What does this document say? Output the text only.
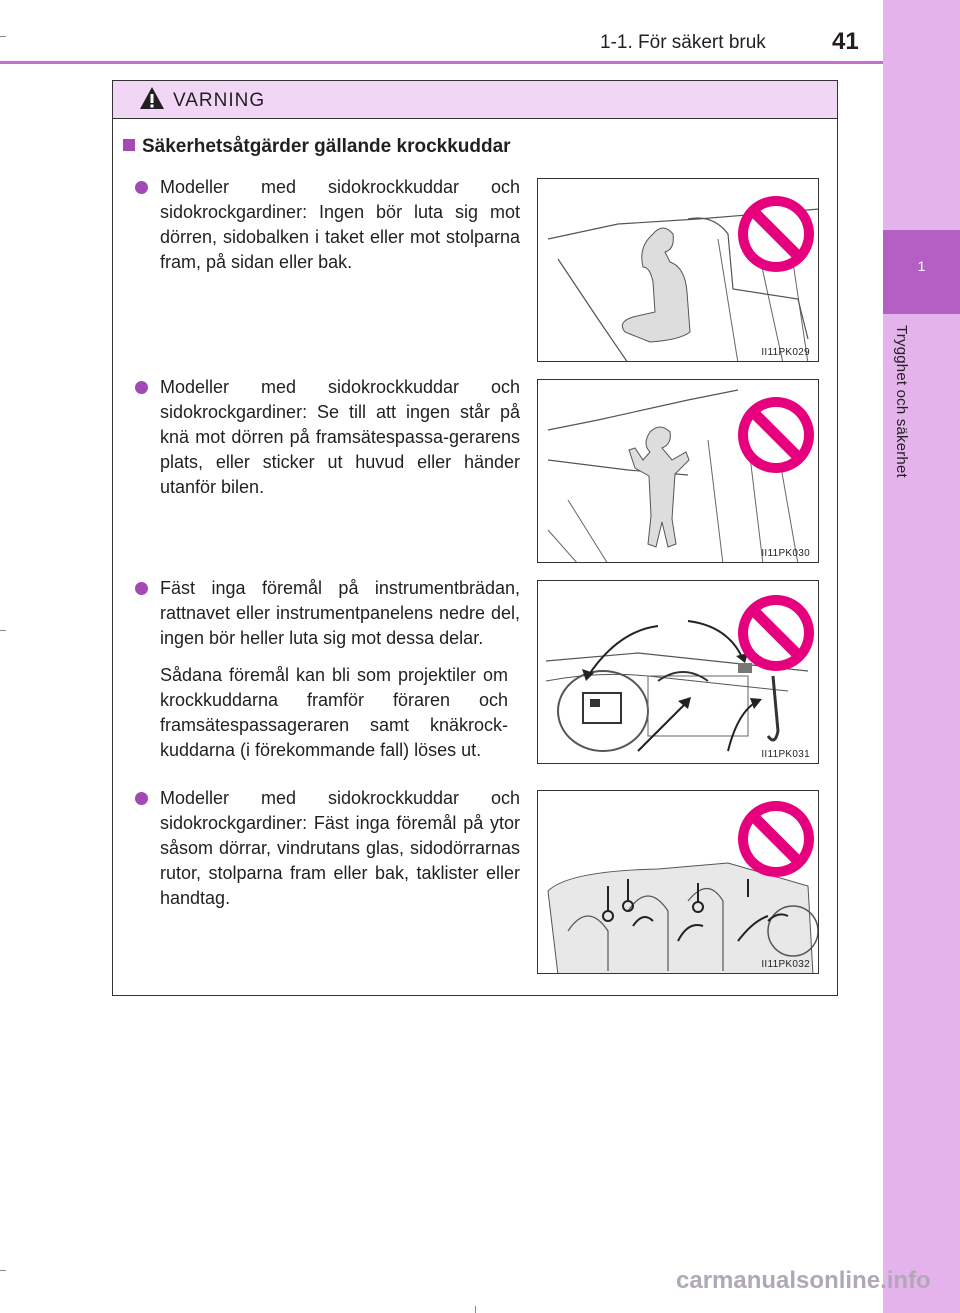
1-1. För säkert bruk	41
1
Trygghet och säkerhet
VARNING
Säkerhetsåtgärder gällande krockkuddar
Modeller med sidokrockkuddar och sidokrockgardiner: Ingen bör luta sig mot dörren, sidobalken i taket eller mot stolparna fram, på sidan eller bak.
II11PK029
Modeller med sidokrockkuddar och sidokrockgardiner: Se till att ingen står på knä mot dörren på framsätespassa-gerarens plats, eller sticker ut huvud eller händer utanför bilen.
II11PK030
Fäst inga föremål på instrumentbrädan, rattnavet eller instrumentpanelens nedre del, ingen bör heller luta sig mot dessa delar.
Sådana föremål kan bli som projektiler om krockkuddarna framför föraren och framsätespassageraren samt knäkrock-kuddarna (i förekommande fall) löses ut.	II11PK031
Modeller med sidokrockkuddar och sidokrockgardiner: Fäst inga föremål på ytor såsom dörrar, vindrutans glas, sidodörrarnas rutor, stolparna fram eller bak, taklister eller handtag.
II11PK032
carmanualsonline.info
